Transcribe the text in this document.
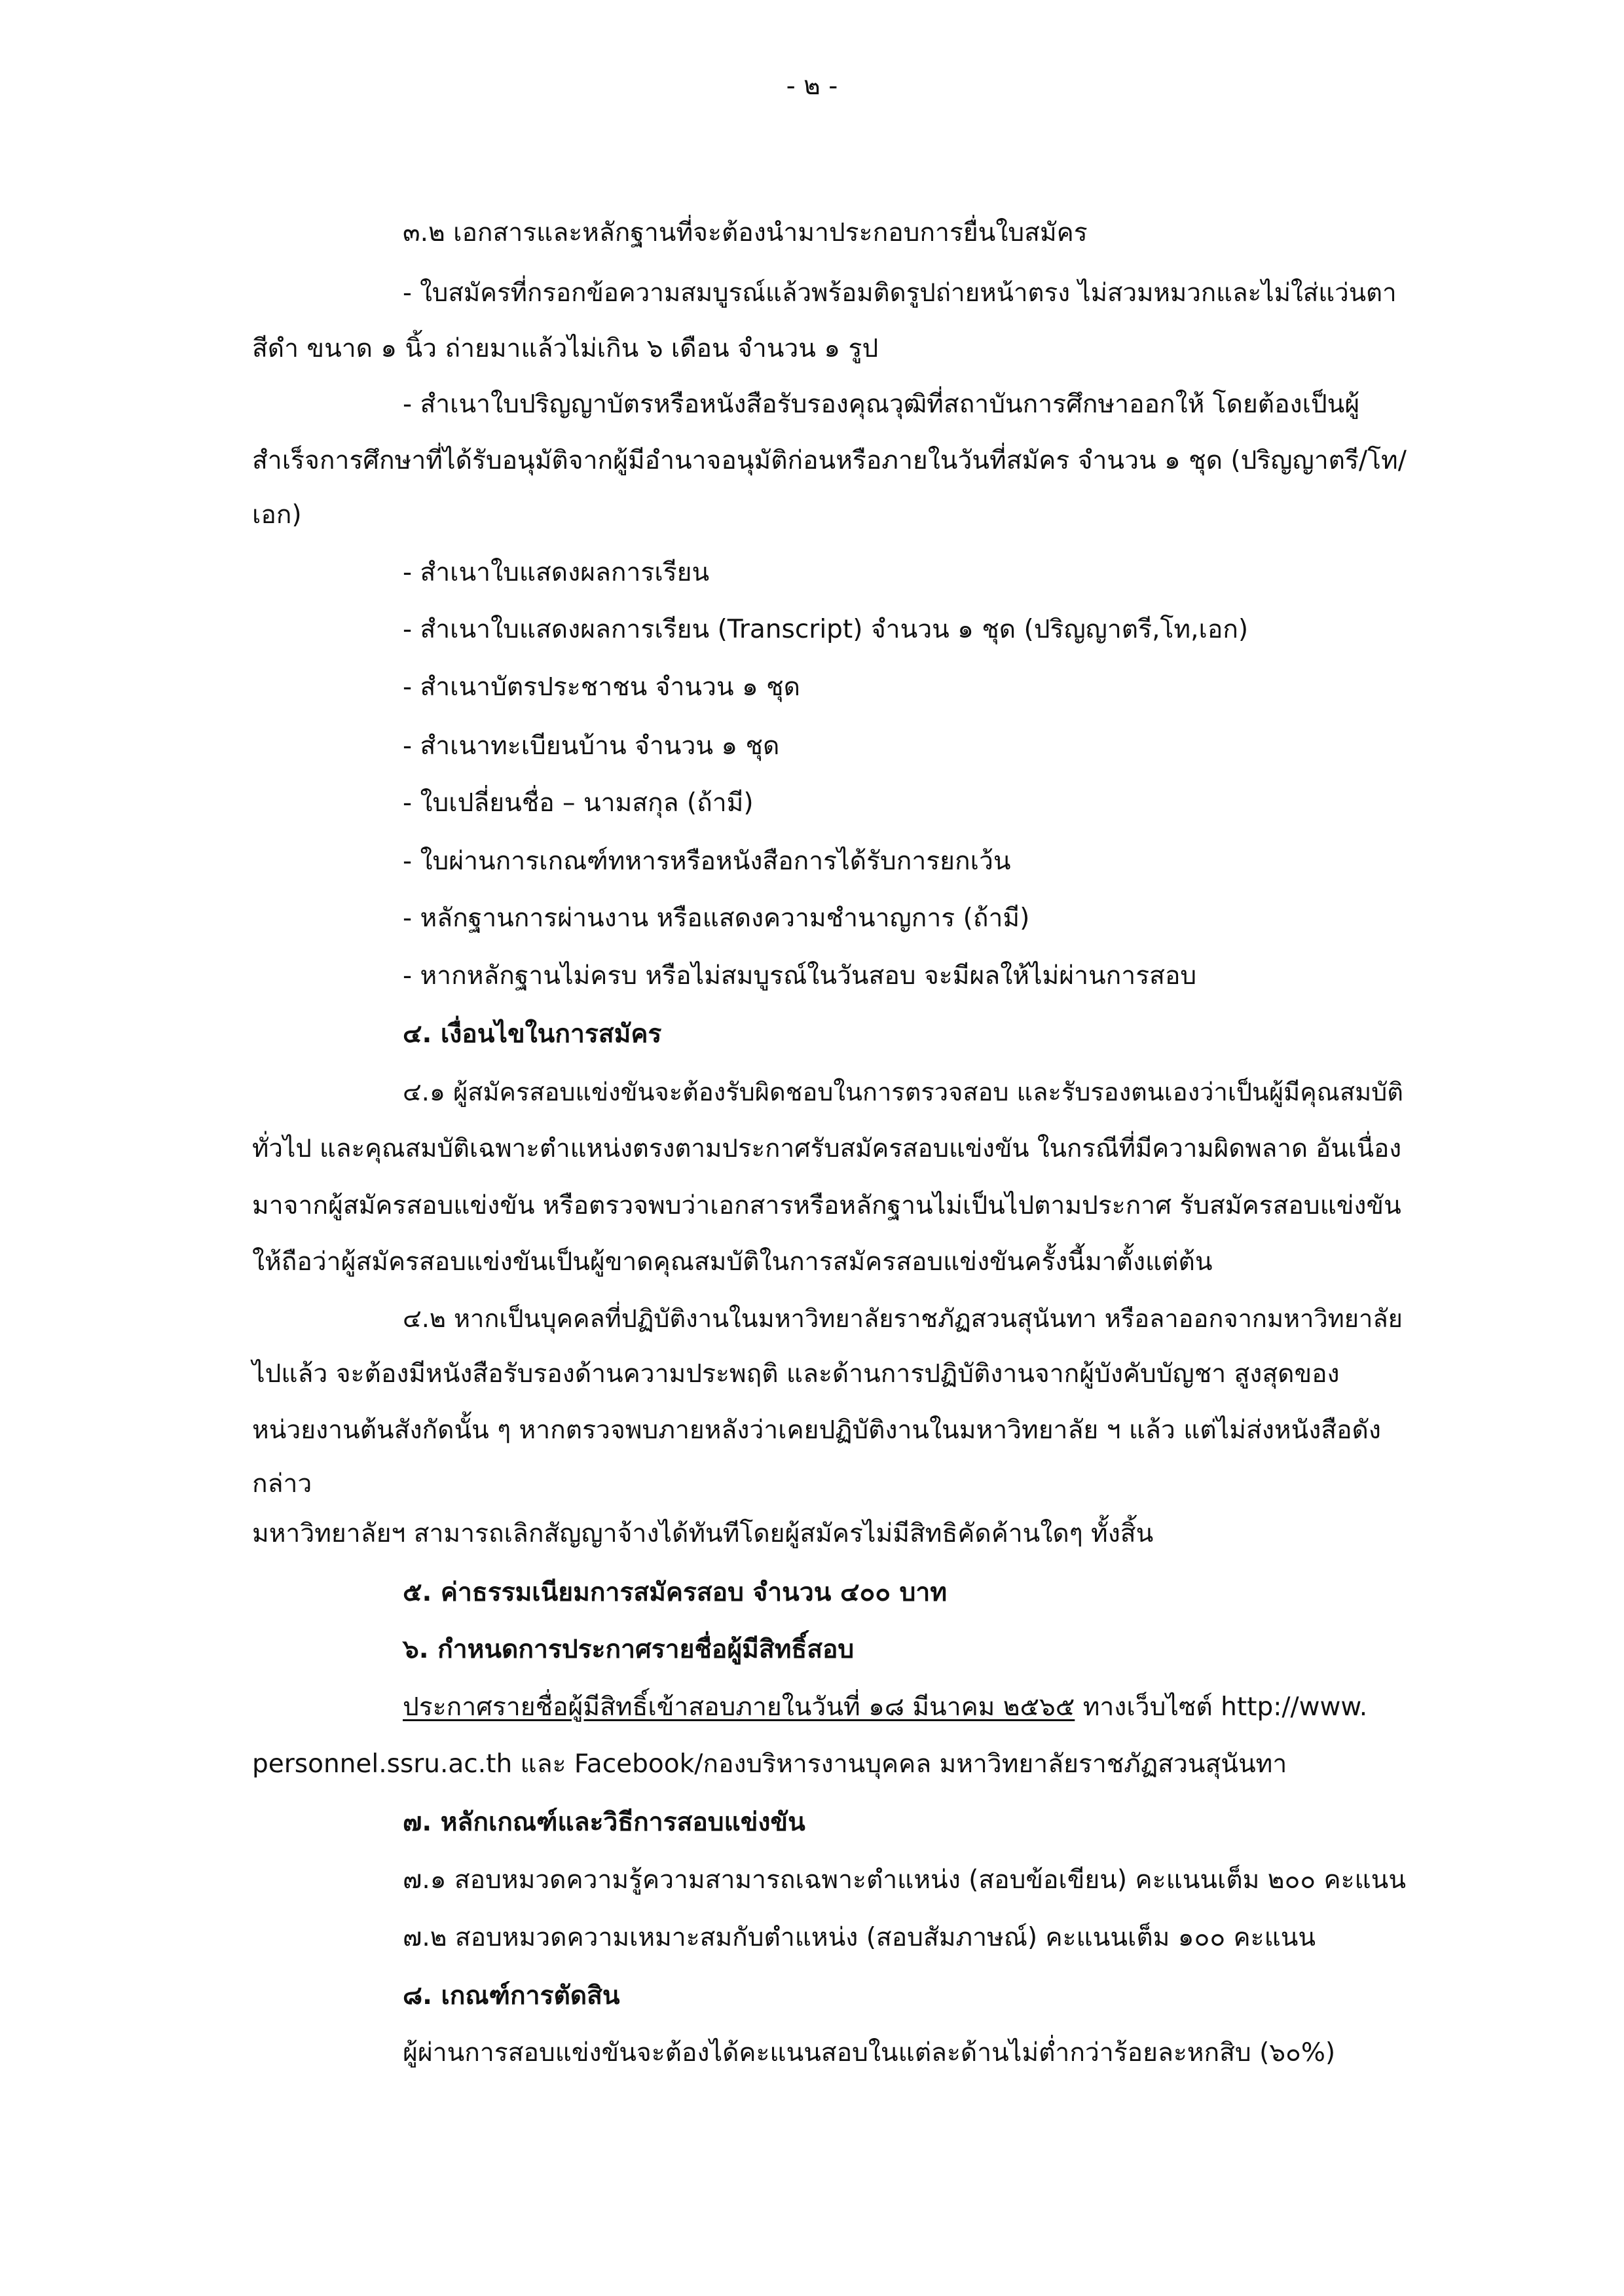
- ๒ -
๓.๒ เอกสารและหลักฐานที่จะต้องนำมาประกอบการยื่นใบสมัคร
- ใบสมัครที่กรอกข้อความสมบูรณ์แล้วพร้อมติดรูปถ่ายหน้าตรง ไม่สวมหมวกและไม่ใส่แว่นตา
สีดำ ขนาด ๑ นิ้ว ถ่ายมาแล้วไม่เกิน ๖ เดือน จำนวน ๑ รูป
- สำเนาใบปริญญาบัตรหรือหนังสือรับรองคุณวุฒิที่สถาบันการศึกษาออกให้ โดยต้องเป็นผู้
สำเร็จการศึกษาที่ได้รับอนุมัติจากผู้มีอำนาจอนุมัติก่อนหรือภายในวันที่สมัคร จำนวน ๑ ชุด (ปริญญาตรี/โท/
เอก)
- สำเนาใบแสดงผลการเรียน
- สำเนาใบแสดงผลการเรียน (Transcript) จำนวน ๑ ชุด (ปริญญาตรี,โท,เอก)
- สำเนาบัตรประชาชน จำนวน ๑ ชุด
- สำเนาทะเบียนบ้าน จำนวน ๑ ชุด
- ใบเปลี่ยนชื่อ – นามสกุล (ถ้ามี)
- ใบผ่านการเกณฑ์ทหารหรือหนังสือการได้รับการยกเว้น
- หลักฐานการผ่านงาน หรือแสดงความชำนาญการ (ถ้ามี)
- หากหลักฐานไม่ครบ หรือไม่สมบูรณ์ในวันสอบ จะมีผลให้ไม่ผ่านการสอบ
๔. เงื่อนไขในการสมัคร
๔.๑ ผู้สมัครสอบแข่งขันจะต้องรับผิดชอบในการตรวจสอบ และรับรองตนเองว่าเป็นผู้มีคุณสมบัติ
ทั่วไป และคุณสมบัติเฉพาะตำแหน่งตรงตามประกาศรับสมัครสอบแข่งขัน ในกรณีที่มีความผิดพลาด อันเนื่อง
มาจากผู้สมัครสอบแข่งขัน หรือตรวจพบว่าเอกสารหรือหลักฐานไม่เป็นไปตามประกาศ รับสมัครสอบแข่งขัน
ให้ถือว่าผู้สมัครสอบแข่งขันเป็นผู้ขาดคุณสมบัติในการสมัครสอบแข่งขันครั้งนี้มาตั้งแต่ต้น
๔.๒ หากเป็นบุคคลที่ปฏิบัติงานในมหาวิทยาลัยราชภัฏสวนสุนันทา หรือลาออกจากมหาวิทยาลัย
ไปแล้ว จะต้องมีหนังสือรับรองด้านความประพฤติ และด้านการปฏิบัติงานจากผู้บังคับบัญชา สูงสุดของ
หน่วยงานต้นสังกัดนั้น ๆ หากตรวจพบภายหลังว่าเคยปฏิบัติงานในมหาวิทยาลัย ฯ แล้ว แต่ไม่ส่งหนังสือดัง
กล่าว
มหาวิทยาลัยฯ สามารถเลิกสัญญาจ้างได้ทันทีโดยผู้สมัครไม่มีสิทธิคัดค้านใดๆ ทั้งสิ้น
๕. ค่าธรรมเนียมการสมัครสอบ จำนวน ๔๐๐ บาท
๖. กำหนดการประกาศรายชื่อผู้มีสิทธิ์สอบ
ประกาศรายชื่อผู้มีสิทธิ์เข้าสอบภายในวันที่ ๑๘ มีนาคม ๒๕๖๕ ทางเว็บไซต์ http://www.
personnel.ssru.ac.th และ Facebook/กองบริหารงานบุคคล มหาวิทยาลัยราชภัฏสวนสุนันทา
๗. หลักเกณฑ์และวิธีการสอบแข่งขัน
๗.๑ สอบหมวดความรู้ความสามารถเฉพาะตำแหน่ง (สอบข้อเขียน) คะแนนเต็ม ๒๐๐ คะแนน
๗.๒ สอบหมวดความเหมาะสมกับตำแหน่ง (สอบสัมภาษณ์) คะแนนเต็ม ๑๐๐ คะแนน
๘. เกณฑ์การตัดสิน
ผู้ผ่านการสอบแข่งขันจะต้องได้คะแนนสอบในแต่ละด้านไม่ต่ำกว่าร้อยละหกสิบ (๖๐%)
